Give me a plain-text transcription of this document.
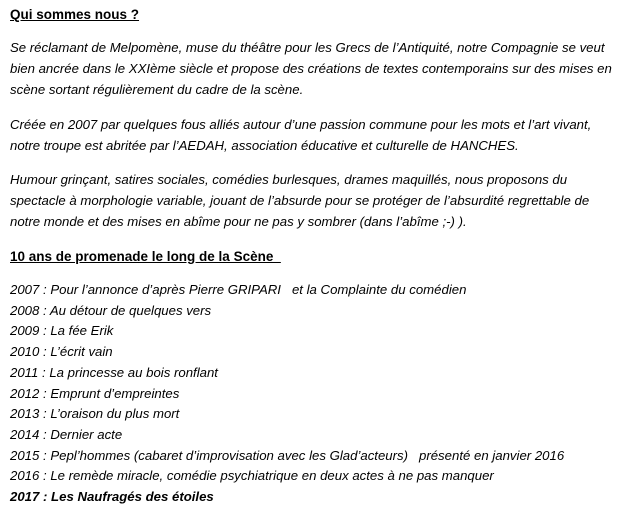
Qui sommes nous ?
Se réclamant de Melpomène, muse du théâtre pour les Grecs de l’Antiquité, notre Compagnie se veut
bien ancrée dans le XXIème siècle et propose des créations de textes contemporains sur des mises en
scène sortant régulièrement du cadre de la scène.
Créée en 2007 par quelques fous alliés autour d’une passion commune pour les mots et l’art vivant,
notre troupe est abritée par l’AEDAH, association éducative et culturelle de HANCHES.
Humour grinçant, satires sociales, comédies burlesques, drames maquillés, nous proposons du
spectacle à morphologie variable, jouant de l’absurde pour se protéger de l’absurdité regrettable de
notre monde et des mises en abîme pour ne pas y sombrer (dans l’abîme ;-) ).
10 ans de promenade le long de la Scène
2007 : Pour l’annonce d’après Pierre GRIPARI   et la Complainte du comédien
2008 : Au détour de quelques vers
2009 : La fée Erik
2010 : L’écrit vain
2011 : La princesse au bois ronflant
2012 : Emprunt d’empreintes
2013 : L’oraison du plus mort
2014 : Dernier acte
2015 : Pepl’hommes (cabaret d’improvisation avec les Glad’acteurs)   présenté en janvier 2016
2016 : Le remède miracle, comédie psychiatrique en deux actes à ne pas manquer
2017 : Les Naufragés des étoiles
